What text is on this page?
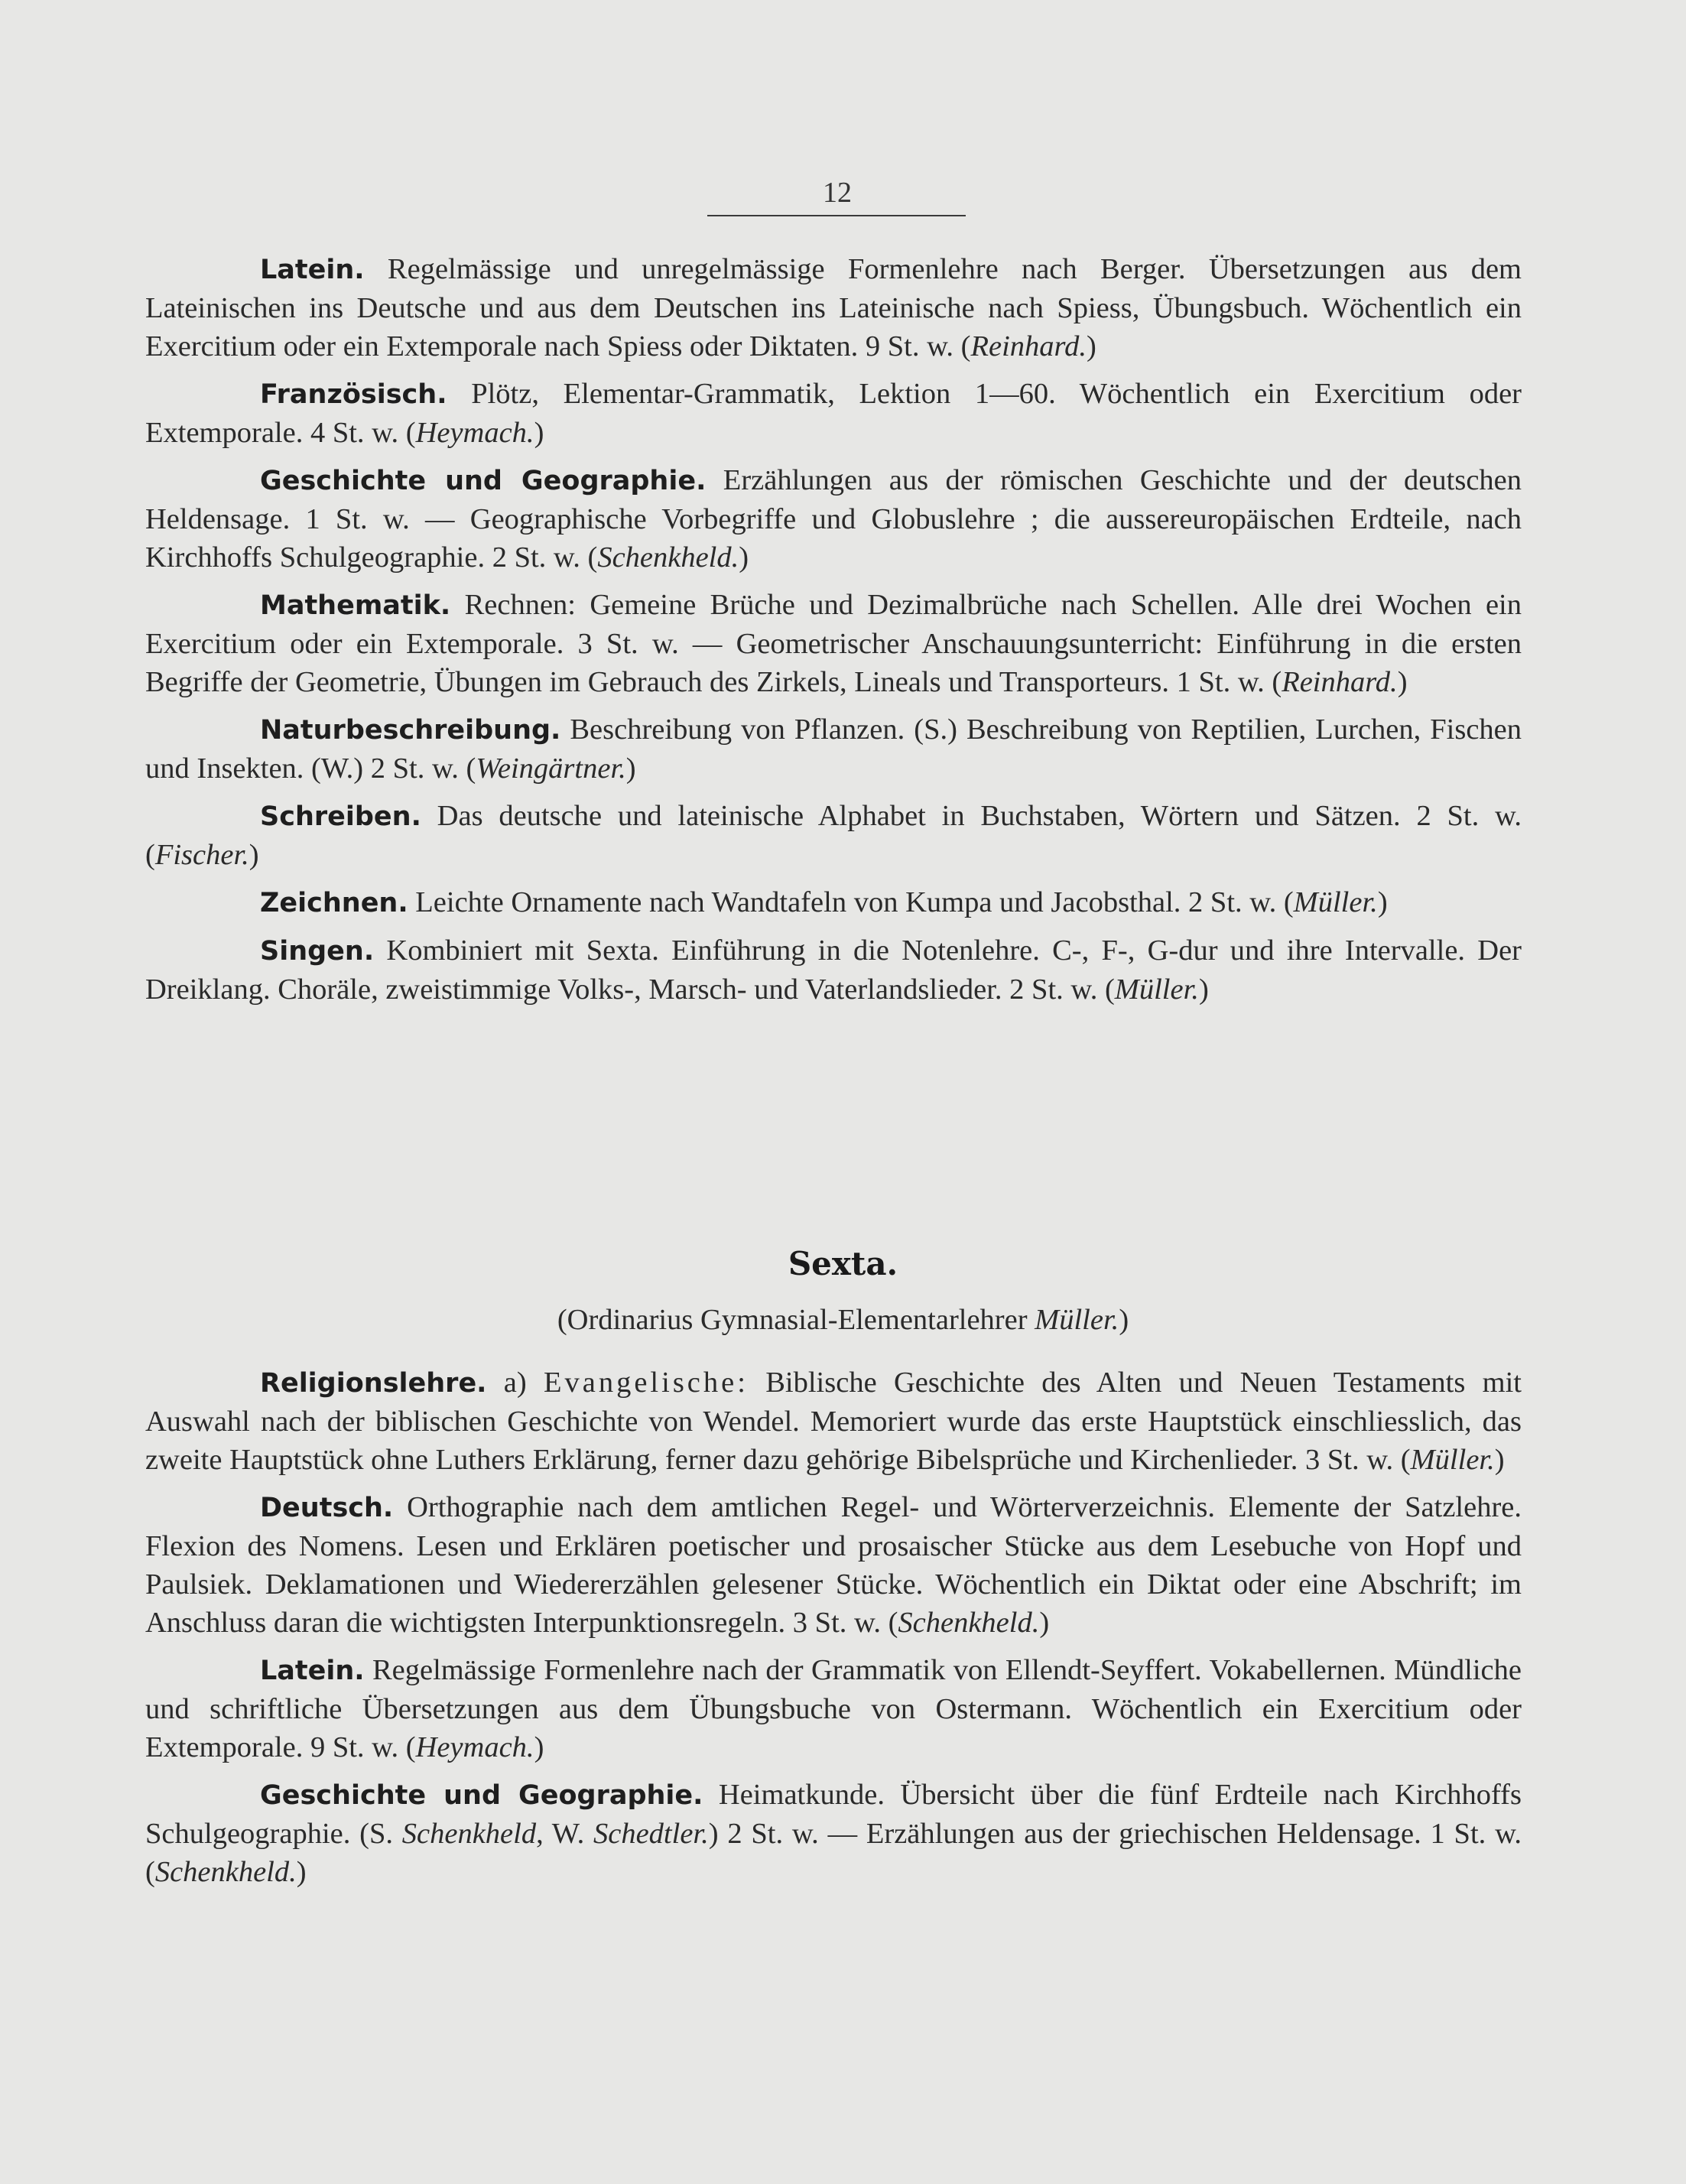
12

Latein. Regelmässige und unregelmässige Formenlehre nach Berger. Übersetzungen aus dem Lateinischen ins Deutsche und aus dem Deutschen ins Lateinische nach Spiess, Übungsbuch. Wöchentlich ein Exercitium oder ein Extemporale nach Spiess oder Diktaten. 9 St. w. (Reinhard.)

Französisch. Plötz, Elementar-Grammatik, Lektion 1—60. Wöchentlich ein Exercitium oder Extemporale. 4 St. w. (Heymach.)

Geschichte und Geographie. Erzählungen aus der römischen Geschichte und der deutschen Heldensage. 1 St. w. — Geographische Vorbegriffe und Globuslehre ; die aussereuropäischen Erdteile, nach Kirchhoffs Schulgeographie. 2 St. w. (Schenkheld.)

Mathematik. Rechnen: Gemeine Brüche und Dezimalbrüche nach Schellen. Alle drei Wochen ein Exercitium oder ein Extemporale. 3 St. w. — Geometrischer Anschauungsunterricht: Einführung in die ersten Begriffe der Geometrie, Übungen im Gebrauch des Zirkels, Lineals und Transporteurs. 1 St. w. (Reinhard.)

Naturbeschreibung. Beschreibung von Pflanzen. (S.) Beschreibung von Reptilien, Lurchen, Fischen und Insekten. (W.) 2 St. w. (Weingärtner.)

Schreiben. Das deutsche und lateinische Alphabet in Buchstaben, Wörtern und Sätzen. 2 St. w. (Fischer.)

Zeichnen. Leichte Ornamente nach Wandtafeln von Kumpa und Jacobsthal. 2 St. w. (Müller.)

Singen. Kombiniert mit Sexta. Einführung in die Notenlehre. C-, F-, G-dur und ihre Intervalle. Der Dreiklang. Choräle, zweistimmige Volks-, Marsch- und Vaterlandslieder. 2 St. w. (Müller.)

Sexta.
(Ordinarius Gymnasial-Elementarlehrer Müller.)

Religionslehre. a) Evangelische: Biblische Geschichte des Alten und Neuen Testaments mit Auswahl nach der biblischen Geschichte von Wendel. Memoriert wurde das erste Hauptstück einschliesslich, das zweite Hauptstück ohne Luthers Erklärung, ferner dazu gehörige Bibelsprüche und Kirchenlieder. 3 St. w. (Müller.)

Deutsch. Orthographie nach dem amtlichen Regel- und Wörterverzeichnis. Elemente der Satzlehre. Flexion des Nomens. Lesen und Erklären poetischer und prosaischer Stücke aus dem Lesebuche von Hopf und Paulsiek. Deklamationen und Wiedererzählen gelesener Stücke. Wöchentlich ein Diktat oder eine Abschrift; im Anschluss daran die wichtigsten Interpunktionsregeln. 3 St. w. (Schenkheld.)

Latein. Regelmässige Formenlehre nach der Grammatik von Ellendt-Seyffert. Vokabellernen. Mündliche und schriftliche Übersetzungen aus dem Übungsbuche von Ostermann. Wöchentlich ein Exercitium oder Extemporale. 9 St. w. (Heymach.)

Geschichte und Geographie. Heimatkunde. Übersicht über die fünf Erdteile nach Kirchhoffs Schulgeographie. (S. Schenkheld, W. Schedtler.) 2 St. w. — Erzählungen aus der griechischen Heldensage. 1 St. w. (Schenkheld.)
